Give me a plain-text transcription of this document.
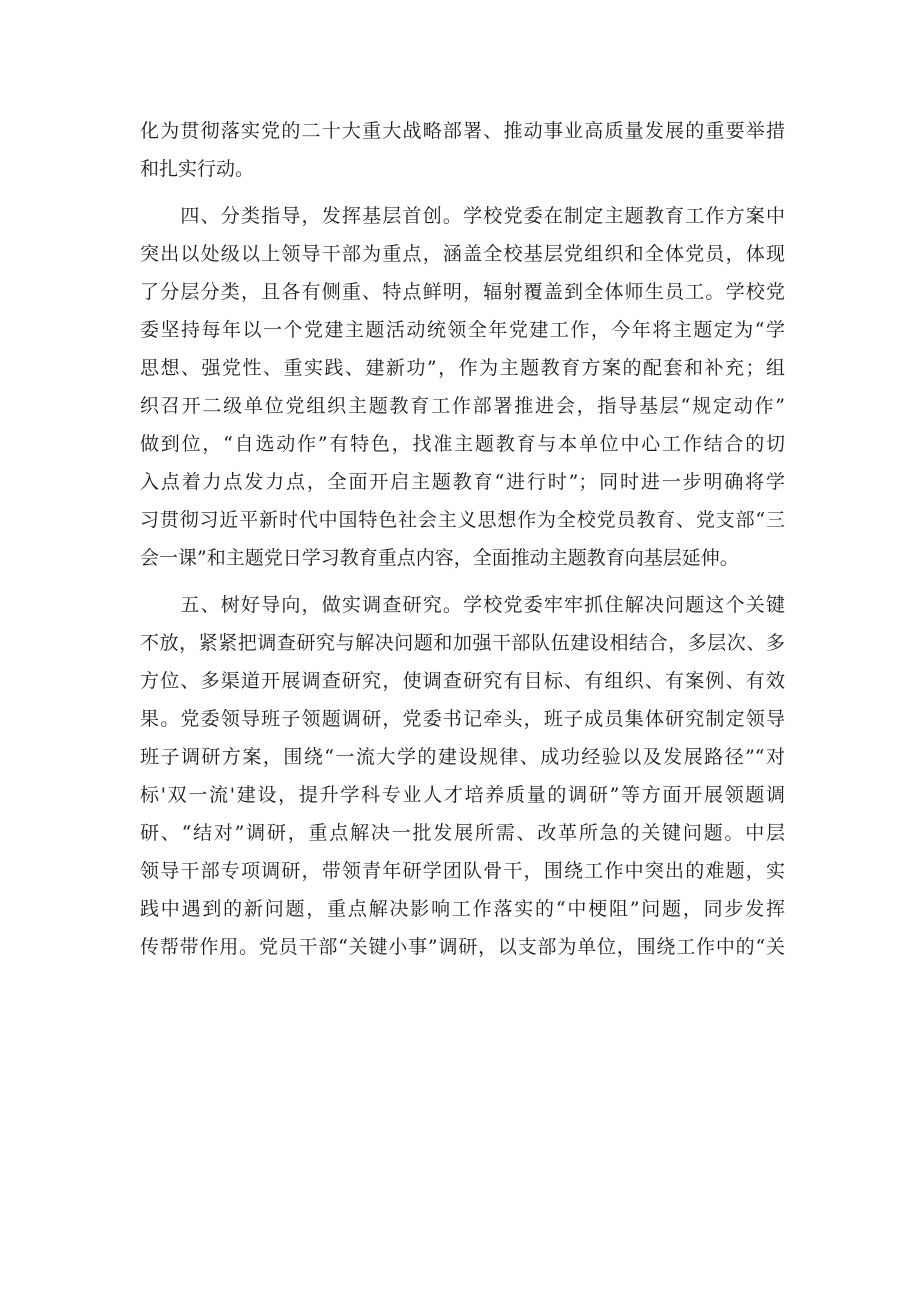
化为贯彻落实党的二十大重大战略部署、推动事业高质量发展的重要举措
和扎实行动。
　　四、分类指导，发挥基层首创。学校党委在制定主题教育工作方案中
突出以处级以上领导干部为重点，涵盖全校基层党组织和全体党员，体现
了分层分类，且各有侧重、特点鲜明，辐射覆盖到全体师生员工。学校党
委坚持每年以一个党建主题活动统领全年党建工作，今年将主题定为“学
思想、强党性、重实践、建新功”，作为主题教育方案的配套和补充；组
织召开二级单位党组织主题教育工作部署推进会，指导基层“规定动作”
做到位，“自选动作”有特色，找准主题教育与本单位中心工作结合的切
入点着力点发力点，全面开启主题教育“进行时”；同时进一步明确将学
习贯彻习近平新时代中国特色社会主义思想作为全校党员教育、党支部“三
会一课”和主题党日学习教育重点内容，全面推动主题教育向基层延伸。
　　五、树好导向，做实调查研究。学校党委牢牢抓住解决问题这个关键
不放，紧紧把调查研究与解决问题和加强干部队伍建设相结合，多层次、多
方位、多渠道开展调查研究，使调查研究有目标、有组织、有案例、有效
果。党委领导班子领题调研，党委书记牵头，班子成员集体研究制定领导
班子调研方案，围绕“一流大学的建设规律、成功经验以及发展路径”“对
标'双一流'建设，提升学科专业人才培养质量的调研”等方面开展领题调
研、“结对”调研，重点解决一批发展所需、改革所急的关键问题。中层
领导干部专项调研，带领青年研学团队骨干，围绕工作中突出的难题，实
践中遇到的新问题，重点解决影响工作落实的“中梗阻”问题，同步发挥
传帮带作用。党员干部“关键小事”调研，以支部为单位，围绕工作中的“关
